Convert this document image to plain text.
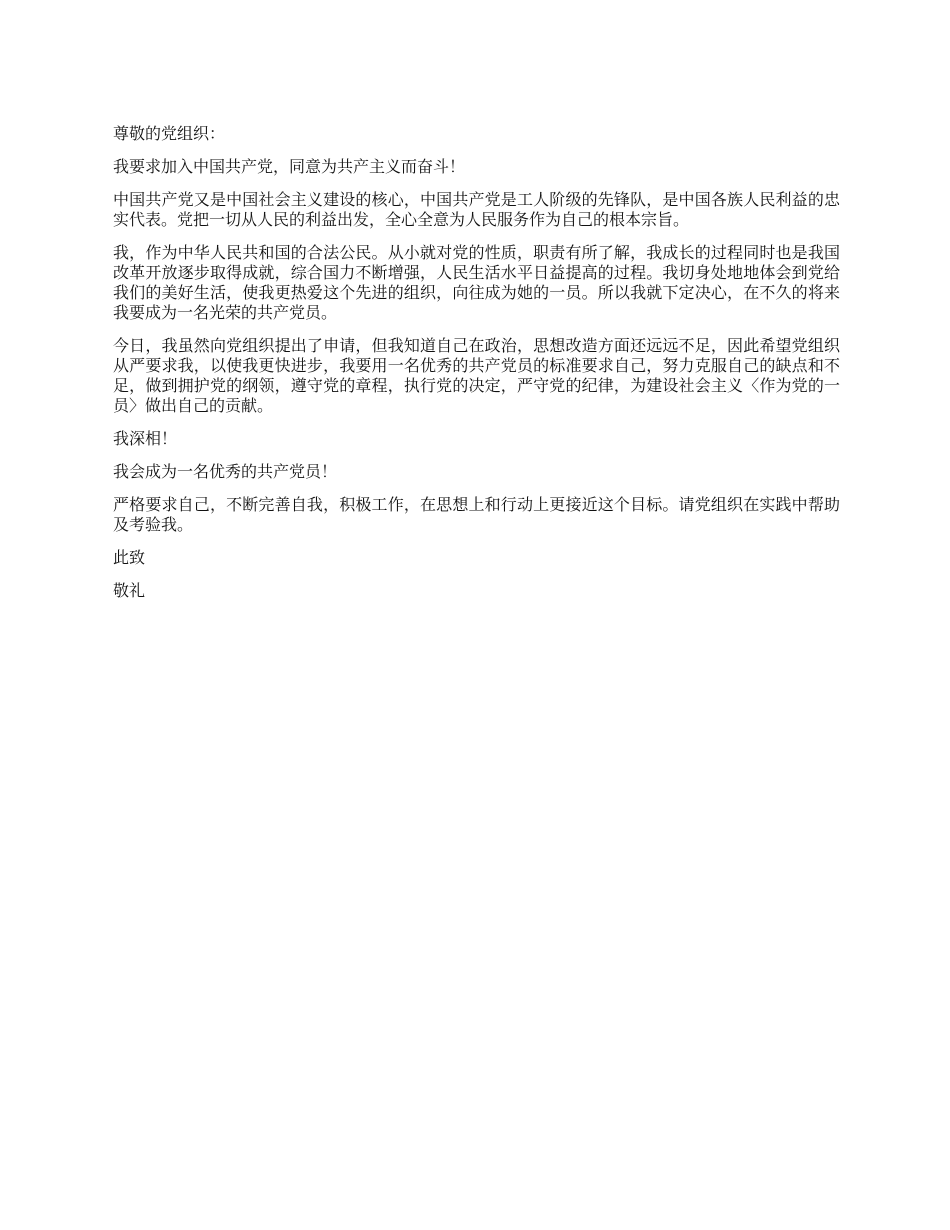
尊敬的党组织：

我要求加入中国共产党，同意为共产主义而奋斗！

中国共产党又是中国社会主义建设的核心，中国共产党是工人阶级的先锋队，是中国各族人民利益的忠实代表。党把一切从人民的利益出发，全心全意为人民服务作为自己的根本宗旨。

我，作为中华人民共和国的合法公民。从小就对党的性质，职责有所了解，我成长的过程同时也是我国改革开放逐步取得成就，综合国力不断增强，人民生活水平日益提高的过程。我切身处地地体会到党给我们的美好生活，使我更热爱这个先进的组织，向往成为她的一员。所以我就下定决心，在不久的将来我要成为一名光荣的共产党员。

今日，我虽然向党组织提出了申请，但我知道自己在政治，思想改造方面还远远不足，因此希望党组织从严要求我，以使我更快进步，我要用一名优秀的共产党员的标准要求自己，努力克服自己的缺点和不足，做到拥护党的纲领，遵守党的章程，执行党的决定，严守党的纪律，为建设社会主义〈作为党的一员〉做出自己的贡献。

我深相！

我会成为一名优秀的共产党员！

严格要求自己，不断完善自我，积极工作，在思想上和行动上更接近这个目标。请党组织在实践中帮助及考验我。

此致

敬礼
